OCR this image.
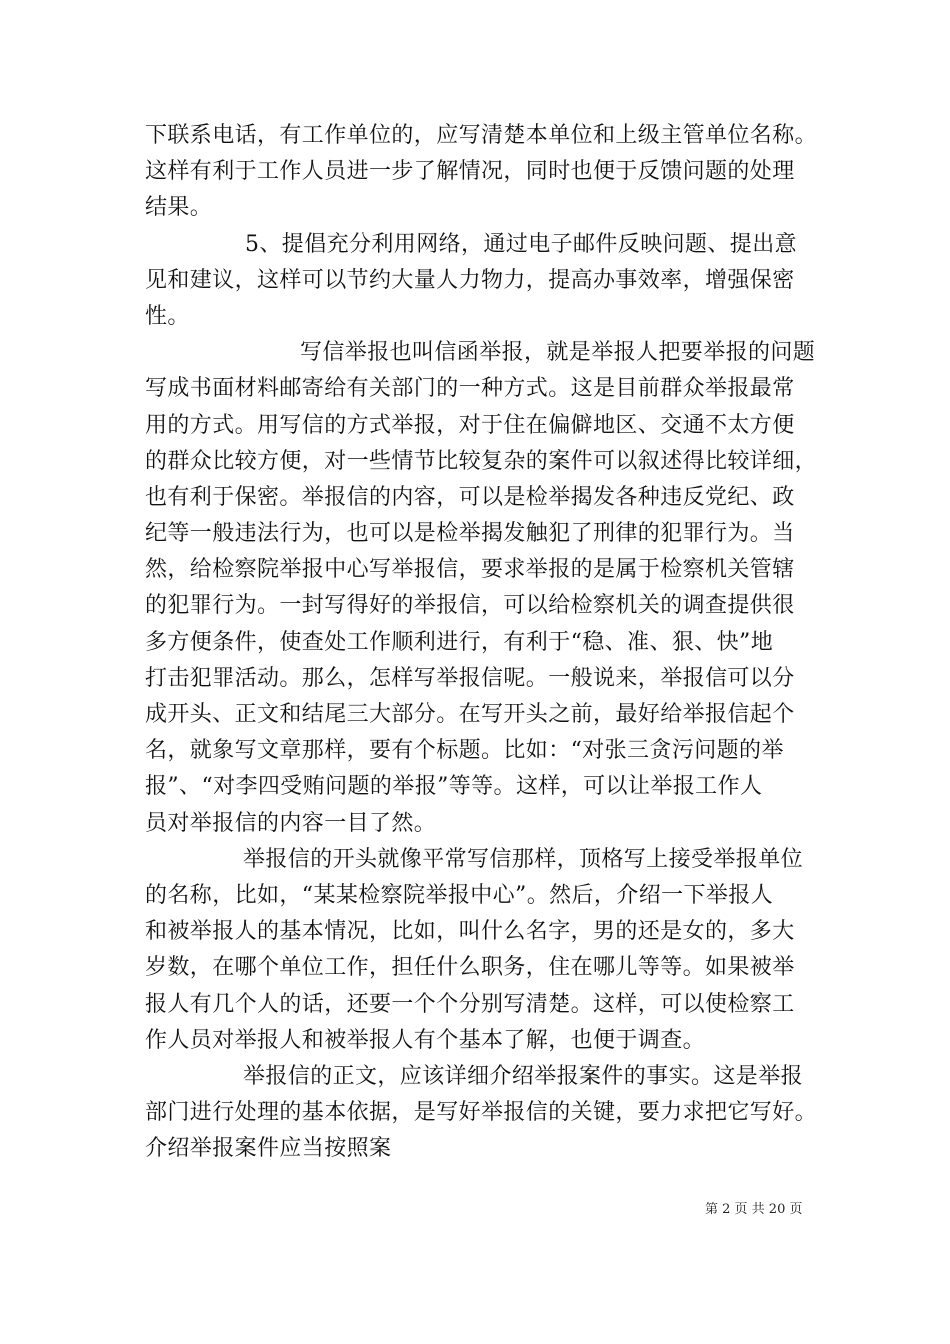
下联系电话，有工作单位的，应写清楚本单位和上级主管单位名称。
这样有利于工作人员进一步了解情况，同时也便于反馈问题的处理
结果。
5、提倡充分利用网络，通过电子邮件反映问题、提出意
见和建议，这样可以节约大量人力物力，提高办事效率，增强保密
性。
写信举报也叫信函举报，就是举报人把要举报的问题
写成书面材料邮寄给有关部门的一种方式。这是目前群众举报最常
用的方式。用写信的方式举报，对于住在偏僻地区、交通不太方便
的群众比较方便，对一些情节比较复杂的案件可以叙述得比较详细，
也有利于保密。举报信的内容，可以是检举揭发各种违反党纪、政
纪等一般违法行为，也可以是检举揭发触犯了刑律的犯罪行为。当
然，给检察院举报中心写举报信，要求举报的是属于检察机关管辖
的犯罪行为。一封写得好的举报信，可以给检察机关的调查提供很
多方便条件，使查处工作顺利进行，有利于“稳、准、狠、快”地
打击犯罪活动。那么，怎样写举报信呢。一般说来，举报信可以分
成开头、正文和结尾三大部分。在写开头之前，最好给举报信起个
名，就象写文章那样，要有个标题。比如：“对张三贪污问题的举
报”、“对李四受贿问题的举报”等等。这样，可以让举报工作人
员对举报信的内容一目了然。
举报信的开头就像平常写信那样，顶格写上接受举报单位
的名称，比如，“某某检察院举报中心”。然后，介绍一下举报人
和被举报人的基本情况，比如，叫什么名字，男的还是女的，多大
岁数，在哪个单位工作，担任什么职务，住在哪儿等等。如果被举
报人有几个人的话，还要一个个分别写清楚。这样，可以使检察工
作人员对举报人和被举报人有个基本了解，也便于调查。
举报信的正文，应该详细介绍举报案件的事实。这是举报
部门进行处理的基本依据，是写好举报信的关键，要力求把它写好。
介绍举报案件应当按照案
第 2 页 共 20 页
